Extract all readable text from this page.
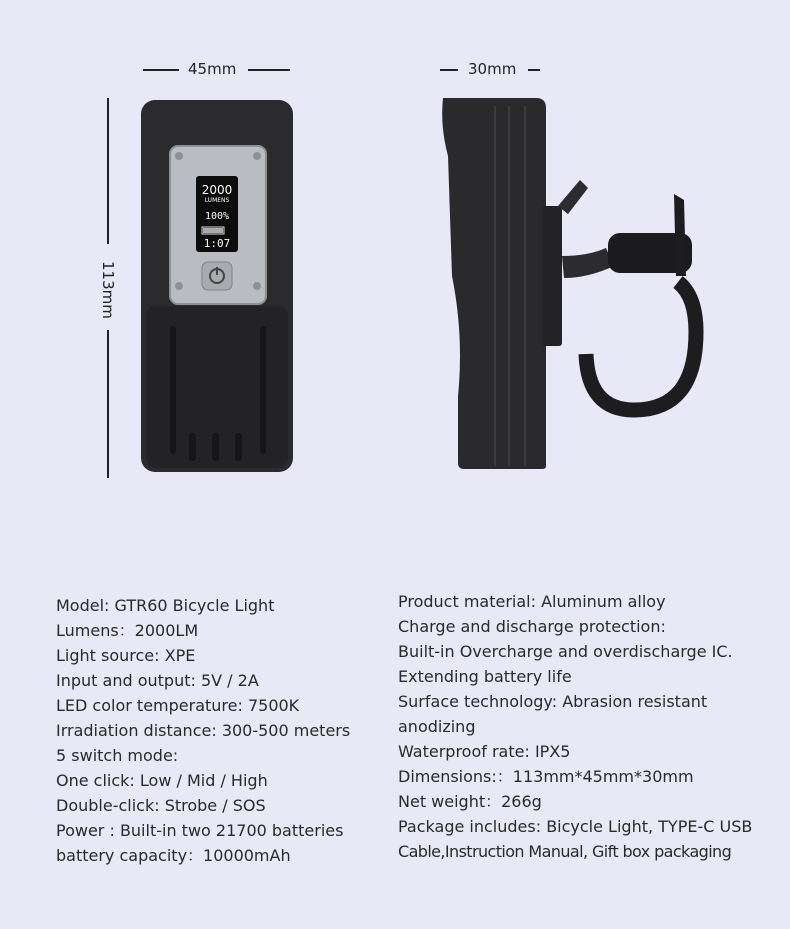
45mm	30mm
113mm
2000
LUMENS
100%
1:07
Model: GTR60 Bicycle Light
Lumens：2000LM
Light source: XPE
Input and output: 5V / 2A
LED color temperature: 7500K
Irradiation distance: 300-500 meters
5 switch mode:
One click: Low / Mid / High
Double-click: Strobe / SOS
Power : Built-in two 21700 batteries
battery capacity：10000mAh
Product material: Aluminum alloy
Charge and discharge protection:
Built-in Overcharge and overdischarge IC.
Extending battery life
Surface technology: Abrasion resistant
anodizing
Waterproof rate: IPX5
Dimensions:：113mm*45mm*30mm
Net weight：266g
Package includes: Bicycle Light, TYPE-C USB
Cable,Instruction Manual, Gift box packaging
